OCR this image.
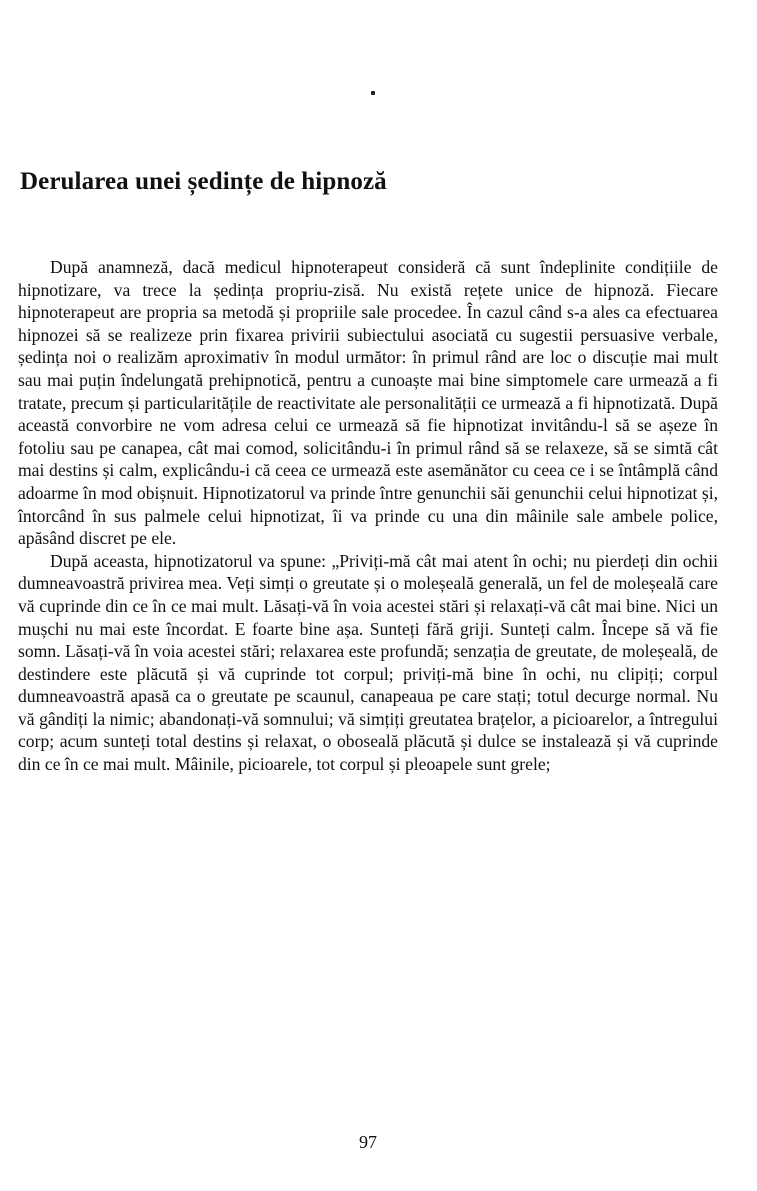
Derularea unei ședințe de hipnoză

După anamneză, dacă medicul hipnoterapeut consideră că sunt îndeplinite condițiile de hipnotizare, va trece la ședința propriu-zisă. Nu există rețete unice de hipnoză. Fiecare hipnoterapeut are propria sa metodă și propriile sale procedee. În cazul când s-a ales ca efectuarea hipnozei să se realizeze prin fixarea privirii subiectului asociată cu sugestii persuasive verbale, ședința noi o realizăm aproximativ în modul următor: în primul rând are loc o discuție mai mult sau mai puțin îndelungată prehipnotică, pentru a cunoaște mai bine simptomele care urmează a fi tratate, precum și particularitățile de reactivitate ale personalității ce urmează a fi hipnotizată. După această convorbire ne vom adresa celui ce urmează să fie hipnotizat invitându-l să se așeze în fotoliu sau pe canapea, cât mai comod, solicitându-i în primul rând să se relaxeze, să se simtă cât mai destins și calm, explicându-i că ceea ce urmează este asemănător cu ceea ce i se întâmplă când adoarme în mod obișnuit. Hipnotizatorul va prinde între genunchii săi genunchii celui hipnotizat și, întorcând în sus palmele celui hipnotizat, îi va prinde cu una din mâinile sale ambele police, apăsând discret pe ele.

După aceasta, hipnotizatorul va spune: „Priviți-mă cât mai atent în ochi; nu pierdeți din ochii dumneavoastră privirea mea. Veți simți o greutate și o moleșeală generală, un fel de moleșeală care vă cuprinde din ce în ce mai mult. Lăsați-vă în voia acestei stări și relaxați-vă cât mai bine. Nici un mușchi nu mai este încordat. E foarte bine așa. Sunteți fără griji. Sunteți calm. Începe să vă fie somn. Lăsați-vă în voia acestei stări; relaxarea este profundă; senzația de greutate, de moleșeală, de destindere este plăcută și vă cuprinde tot corpul; priviți-mă bine în ochi, nu clipiți; corpul dumneavoastră apasă ca o greutate pe scaunul, canapeaua pe care stați; totul decurge normal. Nu vă gândiți la nimic; abandonați-vă somnului; vă simțiți greutatea brațelor, a picioarelor, a întregului corp; acum sunteți total destins și relaxat, o oboseală plăcută și dulce se instalează și vă cuprinde din ce în ce mai mult. Mâinile, picioarele, tot corpul și pleoapele sunt grele;

97
